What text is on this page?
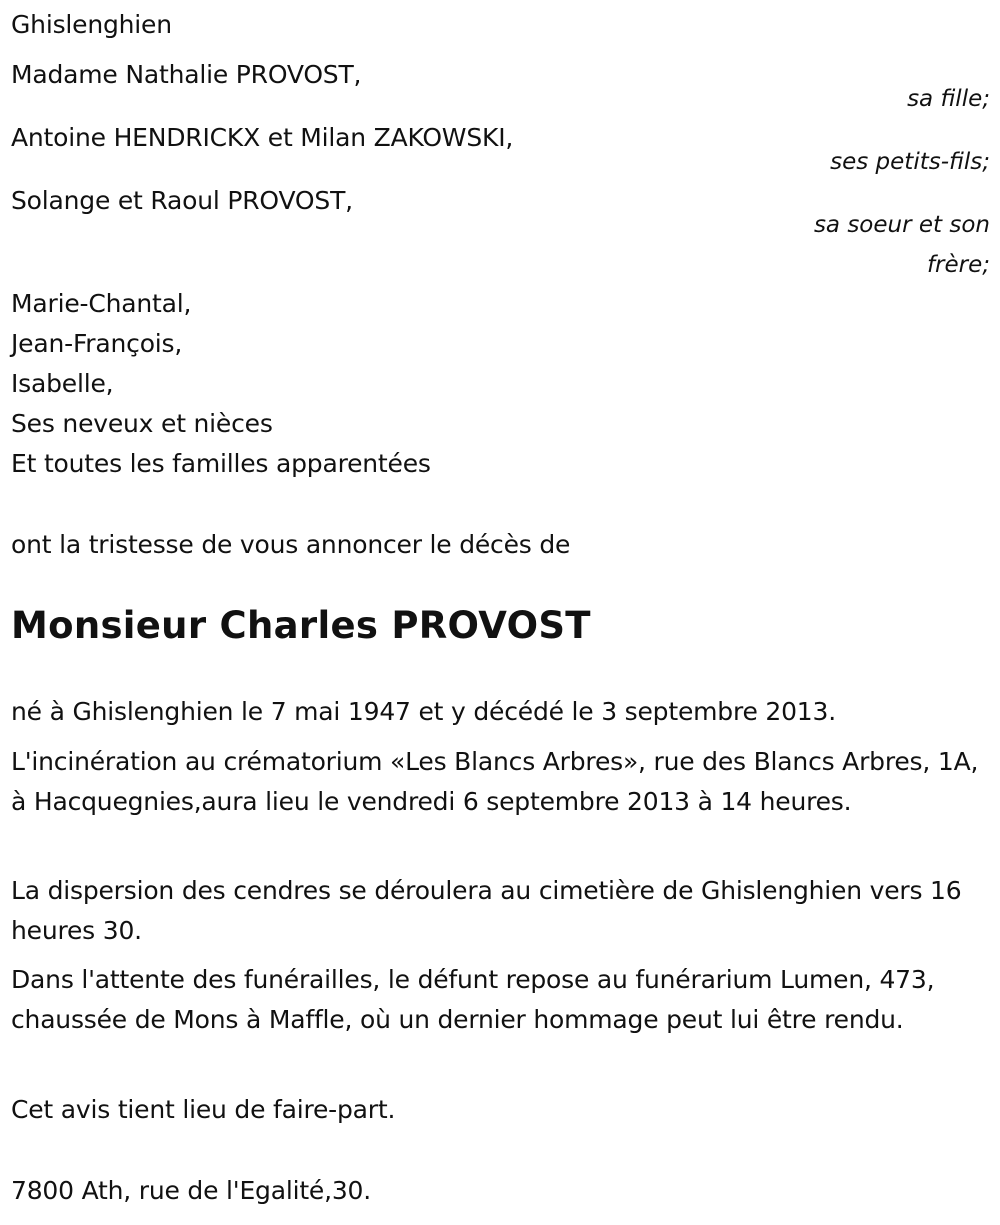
Ghislenghien
Madame Nathalie PROVOST,
sa fille;
Antoine HENDRICKX et Milan ZAKOWSKI,
ses petits-fils;
Solange et Raoul PROVOST,
sa soeur et son
frère;
Marie-Chantal,
Jean-François,
Isabelle,
Ses neveux et nièces
Et toutes les familles apparentées
ont la tristesse de vous annoncer le décès de
Monsieur Charles PROVOST
né à Ghislenghien le 7 mai 1947 et y décédé le 3 septembre 2013.
L'incinération au crématorium «Les Blancs Arbres», rue des Blancs Arbres, 1A, à Hacquegnies,aura lieu le vendredi 6 septembre 2013 à 14 heures.
La dispersion des cendres se déroulera au cimetière de Ghislenghien vers 16 heures 30.
Dans l'attente des funérailles, le défunt repose au funérarium Lumen, 473, chaussée de Mons à Maffle, où un dernier hommage peut lui être rendu.
Cet avis tient lieu de faire-part.
7800 Ath, rue de l'Egalité,30.
